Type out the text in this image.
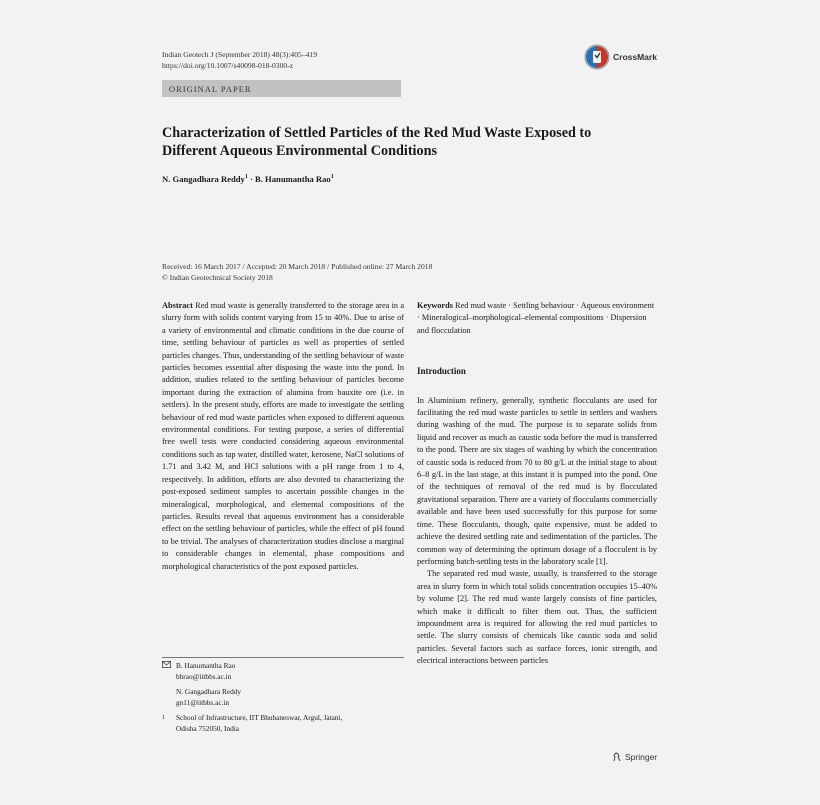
Indian Geotech J (September 2018) 48(3):405–419
https://doi.org/10.1007/s40098-018-0300-z
CrossMark
ORIGINAL PAPER
Characterization of Settled Particles of the Red Mud Waste Exposed to Different Aqueous Environmental Conditions
N. Gangadhara Reddy$^1$ · B. Hanumantha Rao$^1$
Received: 16 March 2017 / Accepted: 20 March 2018 / Published online: 27 March 2018
© Indian Geotechnical Society 2018
Abstract Red mud waste is generally transferred to the storage area in a slurry form with solids content varying from 15 to 40%. Due to arise of a variety of environmental and climatic conditions in the due course of time, settling behaviour of particles as well as properties of settled particles changes. Thus, understanding of the settling behaviour of waste particles becomes essential after disposing the waste into the pond. In addition, studies related to the settling behaviour of particles become important during the extraction of alumina from bauxite ore (i.e. in settlers). In the present study, efforts are made to investigate the settling behaviour of red mud waste particles when exposed to different aqueous environmental conditions. For testing purpose, a series of differential free swell tests were conducted considering aqueous environmental conditions such as tap water, distilled water, kerosene, NaCl solutions of 1.71 and 3.42 M, and HCl solutions with a pH range from 1 to 4, respectively. In addition, efforts are also devoted to characterizing the post-exposed sediment samples to ascertain possible changes in the mineralogical, morphological, and elemental compositions of the particles. Results reveal that aqueous environment has a considerable effect on the settling behaviour of particles, while the effect of pH found to be trivial. The analyses of characterization studies disclose a marginal to considerable changes in elemental, phase compositions and morphological characteristics of the post exposed particles.
B. Hanumantha Rao
bhrao@iitbbs.ac.in
N. Gangadhara Reddy
gn11@iitbbs.ac.in
1	School of Infrastructure, IIT Bhubaneswar, Argul, Jatani,
Odisha 752050, India
Keywords Red mud waste · Settling behaviour · Aqueous environment · Mineralogical–morphological–elemental compositions · Dispersion and flocculation
Introduction

In Aluminium refinery, generally, synthetic flocculants are used for facilitating the red mud waste particles to settle in settlers and washers during washing of the mud. The purpose is to separate solids from liquid and recover as much as caustic soda before the mud is transferred to the pond. There are six stages of washing by which the concentration of caustic soda is reduced from 70 to 80 g/L at the initial stage to about 6–8 g/L in the last stage, at this instant it is pumped into the pond. One of the techniques of removal of the red mud is by flocculated gravitational separation. There are a variety of flocculants commercially available and have been used successfully for this purpose for some time. These flocculants, though, quite expensive, must be added to achieve the desired settling rate and sedimentation of the particles. The common way of determining the optimum dosage of a flocculent is by performing batch-settling tests in the laboratory scale [1].

The separated red mud waste, usually, is transferred to the storage area in slurry form in which total solids concentration occupies 15–40% by volume [2]. The red mud waste largely consists of fine particles, which make it difficult to filter them out. Thus, the sufficient impoundment area is required for allowing the red mud particles to settle. The slurry consists of chemicals like caustic soda and solid particles. Several factors such as surface forces, ionic strength, and electrical interactions between particles

Springer
